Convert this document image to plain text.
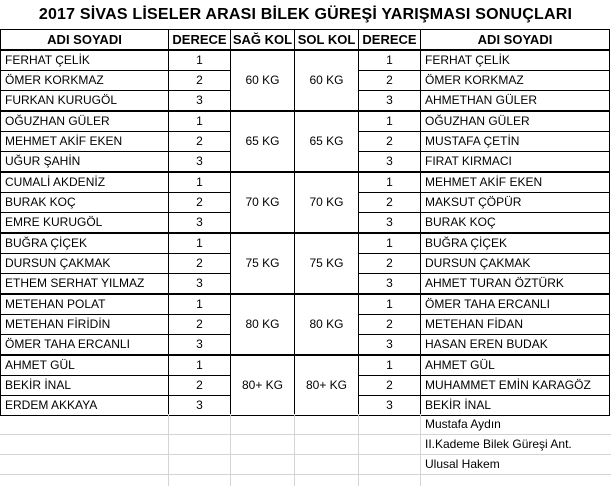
2017 SİVAS LİSELER ARASI BİLEK GÜREŞİ YARIŞMASI SONUÇLARI
ADI SOYADI	DERECE	SAĞ KOL	SOL KOL	DERECE	ADI SOYADI
FERHAT ÇELİK	1	60 KG	60 KG	1	FERHAT ÇELİK
ÖMER KORKMAZ	2			2	ÖMER KORKMAZ
FURKAN KURUGÖL	3			3	AHMETHAN GÜLER
OĞUZHAN GÜLER	1	65 KG	65 KG	1	OĞUZHAN GÜLER
MEHMET AKİF EKEN	2			2	MUSTAFA ÇETİN
UĞUR ŞAHİN	3			3	FIRAT KIRMACI
CUMALİ AKDENİZ	1	70 KG	70 KG	1	MEHMET AKİF EKEN
BURAK KOÇ	2			2	MAKSUT ÇÖPÜR
EMRE KURUGÖL	3			3	BURAK KOÇ
BUĞRA ÇİÇEK	1	75 KG	75 KG	1	BUĞRA ÇİÇEK
DURSUN ÇAKMAK	2			2	DURSUN ÇAKMAK
ETHEM SERHAT YILMAZ	3			3	AHMET TURAN ÖZTÜRK
METEHAN POLAT	1	80 KG	80 KG	1	ÖMER TAHA ERCANLI
METEHAN FİRİDİN	2			2	METEHAN FİDAN
ÖMER TAHA ERCANLI	3			3	HASAN EREN BUDAK
AHMET GÜL	1	80+ KG	80+ KG	1	AHMET GÜL
BEKİR İNAL	2			2	MUHAMMET EMİN KARAGÖZ
ERDEM AKKAYA	3			3	BEKİR İNAL
Mustafa Aydın
II.Kademe Bilek Güreşi Ant.
Ulusal Hakem
